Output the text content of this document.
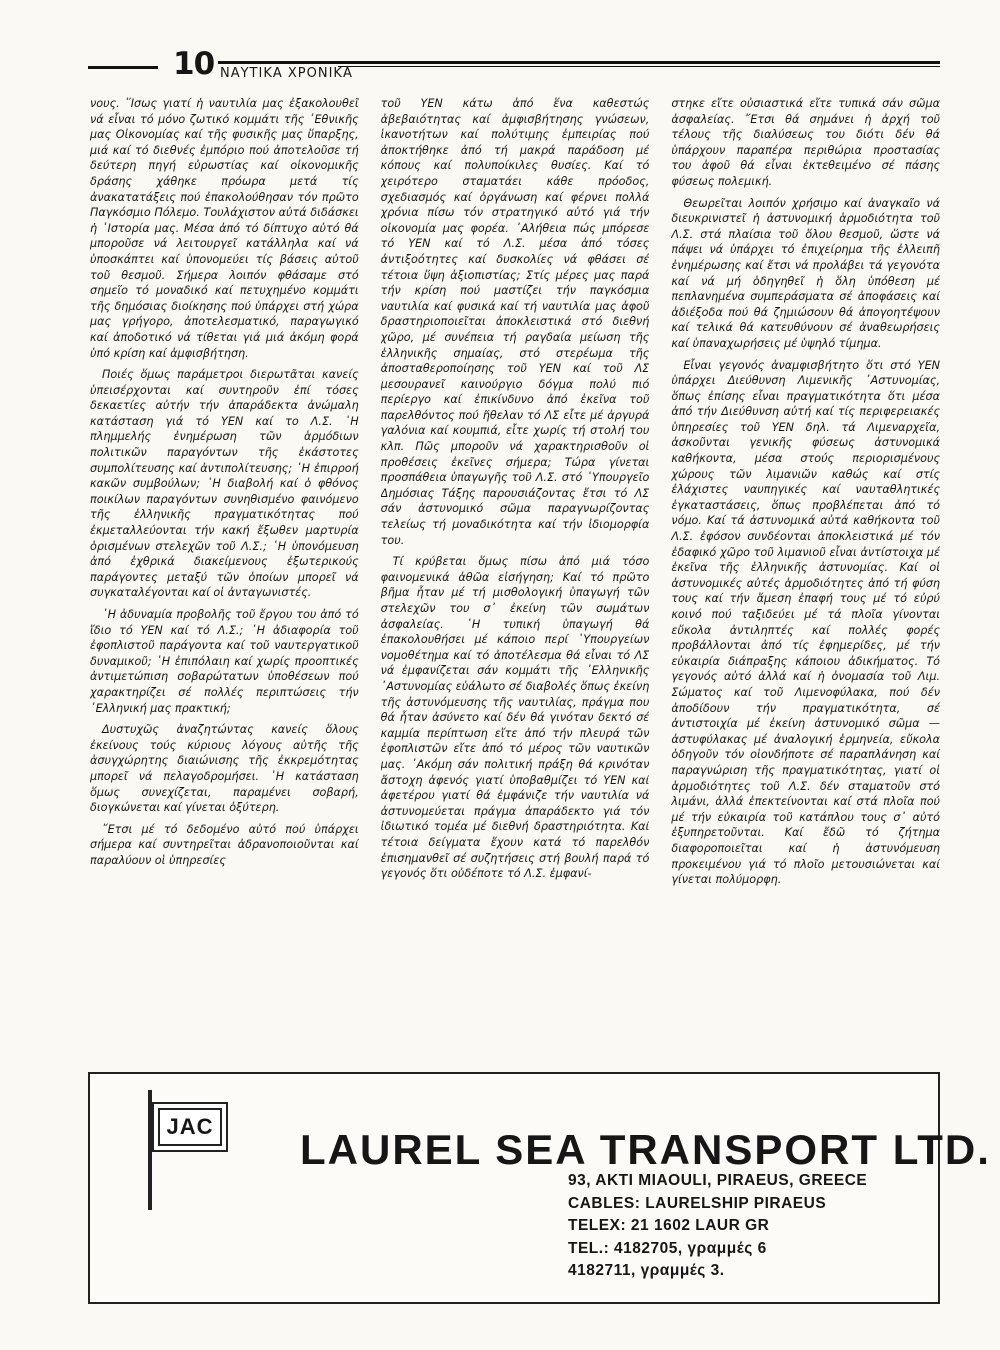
10 ΝΑΥΤΙΚΑ ΧΡΟΝΙΚΑ

νους. ῞Ισως γιατί ἡ ναυτιλία μας ἐξακολουθεῖ νά εἶναι τό μόνο ζωτικό κομμάτι τῆς ᾿Εθνικῆς μας Οἰκονομίας καί τῆς φυσικῆς μας ὕπαρξης, μιά καί τό διεθνές ἐμπόριο πού ἀποτελοῦσε τή δεύτερη πηγή εὐρωστίας καί οἰκονομικῆς δράσης χάθηκε πρόωρα μετά τίς ἀνακατατάξεις πού ἐπακολούθησαν τόν πρῶτο Παγκόσμιο Πόλεμο. Τουλάχιστον αὐτά διδάσκει ἡ ῾Ιστορία μας. Μέσα ἀπό τό δίπτυχο αὐτό θά μποροῦσε νά λειτουργεῖ κατάλληλα καί νά ὑποσκάπτει καί ὑπονομεύει τίς βάσεις αὐτοῦ τοῦ θεσμοῦ. Σήμερα λοιπόν φθάσαμε στό σημεῖο τό μοναδικό καί πετυχημένο κομμάτι τῆς δημόσιας διοίκησης πού ὑπάρχει στή χώρα μας γρήγορο, ἀποτελεσματικό, παραγωγικό καί ἀποδοτικό νά τίθεται γιά μιά ἀκόμη φορά ὑπό κρίση καί ἀμφισβήτηση.

Ποιές ὅμως παράμετροι διερωτᾶται κανείς ὑπεισέρχονται καί συντηροῦν ἐπί τόσες δεκαετίες αὐτήν τήν ἀπαράδεκτα ἀνώμαλη κατάσταση γιά τό ΥΕΝ καί το Λ.Σ. ῾Η πλημμελής ἐνημέρωση τῶν ἁρμόδιων πολιτικῶν παραγόντων τῆς ἑκάστοτες συμπολίτευσης καί ἀντιπολίτευσης; ῾Η ἐπιρροή κακῶν συμβούλων; ῾Η διαβολή καί ὁ φθόνος ποικίλων παραγόντων συνηθισμένο φαινόμενο τῆς ἑλληνικῆς πραγματικότητας πού ἐκμεταλλεύονται τήν κακή ἔξωθεν μαρτυρία ὁρισμένων στελεχῶν τοῦ Λ.Σ.; ῾Η ὑπονόμευση ἀπό ἐχθρικά διακείμενους ἐξωτερικούς παράγοντες μεταξύ τῶν ὁποίων μπορεῖ νά συγκαταλέγονται καί οἱ ἀνταγωνιστές.

῾Η ἀδυναμία προβολῆς τοῦ ἔργου του ἀπό τό ἴδιο τό ΥΕΝ καί τό Λ.Σ.; ῾Η ἀδιαφορία τοῦ ἐφοπλιστοῦ παράγοντα καί τοῦ ναυτεργατικοῦ δυναμικοῦ; ῾Η ἐπιπόλαιη καί χωρίς προοπτικές ἀντιμετώπιση σοβαρώτατων ὑποθέσεων πού χαρακτηρίζει σέ πολλές περιπτώσεις τήν ᾿Ελληνική μας πρακτική;

Δυστυχῶς ἀναζητώντας κανείς ὅλους ἐκείνους τούς κύριους λόγους αὐτῆς τῆς ἀσυγχώρητης διαιώνισης τῆς ἐκκρεμότητας μπορεῖ νά πελαγοδρομήσει. ῾Η κατάσταση ὅμως συνεχίζεται, παραμένει σοβαρή, διογκώνεται καί γίνεται ὀξύτερη.

῎Ετσι μέ τό δεδομένο αὐτό πού ὑπάρχει σήμερα καί συντηρεῖται ἀδρανοποιοῦνται καί παραλύουν οἱ ὑπηρεσίες

τοῦ ΥΕΝ κάτω ἀπό ἕνα καθεστώς ἀβεβαιότητας καί ἀμφισβήτησης γνώσεων, ἱκανοτήτων καί πολύτιμης ἐμπειρίας πού ἀποκτήθηκε ἀπό τή μακρά παράδοση μέ κόπους καί πολυποίκιλες θυσίες. Καί τό χειρότερο σταματάει κάθε πρόοδος, σχεδιασμός καί ὀργάνωση καί φέρνει πολλά χρόνια πίσω τόν στρατηγικό αὐτό γιά τήν οἰκονομία μας φορέα. ᾿Αλήθεια πώς μπόρεσε τό ΥΕΝ καί τό Λ.Σ. μέσα ἀπό τόσες ἀντιξοότητες καί δυσκολίες νά φθάσει σέ τέτοια ὕψη ἀξιοπιστίας; Στίς μέρες μας παρά τήν κρίση πού μαστίζει τήν παγκόσμια ναυτιλία καί φυσικά καί τή ναυτιλία μας ἀφοῦ δραστηριοποιεῖται ἀποκλειστικά στό διεθνή χῶρο, μέ συνέπεια τή ραγδαία μείωση τῆς ἑλληνικῆς σημαίας, στό στερέωμα τῆς ἀποσταθεροποίησης τοῦ ΥΕΝ καί τοῦ ΛΣ μεσουρανεῖ καινούργιο δόγμα πολύ πιό περίεργο καί ἐπικίνδυνο ἀπό ἐκεῖνα τοῦ παρελθόντος πού ἤθελαν τό ΛΣ εἶτε μέ ἀργυρά γαλόνια καί κουμπιά, εἶτε χωρίς τή στολή του κλπ. Πῶς μποροῦν νά χαρακτηρισθοῦν οἱ προθέσεις ἐκεῖνες σήμερα; Τώρα γίνεται προσπάθεια ὑπαγωγῆς τοῦ Λ.Σ. στό ῾Υπουργεῖο Δημόσιας Τάξης παρουσιάζοντας ἔτσι τό ΛΣ σάν ἀστυνομικό σῶμα παραγνωρίζοντας τελείως τή μοναδικότητα καί τήν ἰδιομορφία του.

Τί κρύβεται ὅμως πίσω ἀπό μιά τόσο φαινομενικά ἀθῶα εἰσήγηση; Καί τό πρῶτο βῆμα ἦταν μέ τή μισθολογική ὑπαγωγή τῶν στελεχῶν του σ᾽ ἐκείνη τῶν σωμάτων ἀσφαλείας. ῾Η τυπική ὑπαγωγή θά ἐπακολουθήσει μέ κάποιο περί ῾Υπουργείων νομοθέτημα καί τό ἀποτέλεσμα θά εἶναι τό ΛΣ νά ἐμφανίζεται σάν κομμάτι τῆς ᾿Ελληνικῆς ᾿Αστυνομίας εὐάλωτο σέ διαβολές ὅπως ἐκείνη τῆς ἀστυνόμευσης τῆς ναυτιλίας, πράγμα που θά ἦταν ἀσύνετο καί δέν θά γινόταν δεκτό σέ καμμία περίπτωση εἴτε ἀπό τήν πλευρά τῶν ἐφοπλιστῶν εἴτε ἀπό τό μέρος τῶν ναυτικῶν μας. ᾿Ακόμη σάν πολιτική πράξη θά κρινόταν ἄστοχη ἀφενός γιατί ὑποβαθμίζει τό ΥΕΝ καί ἀφετέρου γιατί θά ἐμφάνιζε τήν ναυτιλία νά ἀστυνομεύεται πράγμα ἀπαράδεκτο γιά τόν ἰδιωτικό τομέα μέ διεθνή δραστηριότητα. Καί τέτοια δείγματα ἔχουν κατά τό παρελθόν ἐπισημανθεῖ σέ συζητήσεις στή βουλή παρά τό γεγονός ὅτι οὐδέποτε τό Λ.Σ. ἐμφανί-

στηκε εἴτε οὐσιαστικά εἴτε τυπικά σάν σῶμα ἀσφαλείας. ῎Ετσι θά σημάνει ἡ ἀρχή τοῦ τέλους τῆς διαλύσεως του διότι δέν θά ὑπάρχουν παραπέρα περιθώρια προστασίας του ἀφοῦ θά εἶναι ἐκτεθειμένο σέ πάσης φύσεως πολεμική.

Θεωρεῖται λοιπόν χρήσιμο καί ἀναγκαῖο νά διευκρινιστεῖ ἡ ἀστυνομική ἁρμοδιότητα τοῦ Λ.Σ. στά πλαίσια τοῦ ὅλου θεσμοῦ, ὥστε νά πάψει νά ὑπάρχει τό ἐπιχείρημα τῆς ἐλλειπῆ ἐνημέρωσης καί ἔτσι νά προλάβει τά γεγονότα καί νά μή ὁδηγηθεῖ ἡ ὅλη ὑπόθεση μέ πεπλανημένα συμπεράσματα σέ ἀποφάσεις καί ἀδιέξοδα πού θά ζημιώσουν θά ἀπογοητέψουν καί τελικά θά κατευθύνουν σέ ἀναθεωρήσεις καί ὑπαναχωρήσεις μέ ὑψηλό τίμημα.

Εἶναι γεγονός ἀναμφισβήτητο ὅτι στό ΥΕΝ ὑπάρχει Διεύθυνση Λιμενικῆς ᾿Αστυνομίας, ὅπως ἐπίσης εἶναι πραγματικότητα ὅτι μέσα ἀπό τήν Διεύθυνση αὐτή καί τίς περιφερειακές ὑπηρεσίες τοῦ ΥΕΝ δηλ. τά Λιμεναρχεῖα, ἀσκοῦνται γενικῆς φύσεως ἀστυνομικά καθήκοντα, μέσα στούς περιορισμένους χώρους τῶν λιμανιῶν καθώς καί στίς ἐλάχιστες ναυπηγικές καί ναυταθλητικές ἐγκαταστάσεις, ὅπως προβλέπεται ἀπό τό νόμο. Καί τά ἀστυνομικά αὐτά καθήκοντα τοῦ Λ.Σ. ἐφόσον συνδέονται ἀποκλειστικά μέ τόν ἐδαφικό χῶρο τοῦ λιμανιοῦ εἶναι ἀντίστοιχα μέ ἐκεῖνα τῆς ἑλληνικῆς ἀστυνομίας. Καί οἱ ἀστυνομικές αὐτές ἁρμοδιότητες ἀπό τή φύση τους καί τήν ἄμεση ἐπαφή τους μέ τό εὐρύ κοινό πού ταξιδεύει μέ τά πλοῖα γίνονται εὔκολα ἀντιληπτές καί πολλές φορές προβάλλονται ἀπό τίς ἐφημερίδες, μέ τήν εὐκαιρία διάπραξης κάποιου ἀδικήματος. Τό γεγονός αὐτό ἀλλά καί ἡ ὀνομασία τοῦ Λιμ. Σώματος καί τοῦ Λιμενοφύλακα, πού δέν ἀποδίδουν τήν πραγματικότητα, σέ ἀντιστοιχία μέ ἐκείνη ἀστυνομικό σῶμα — ἀστυφύλακας μέ ἀναλογική ἑρμηνεία, εὔκολα ὁδηγοῦν τόν οἱονδήποτε σέ παραπλάνηση καί παραγνώριση τῆς πραγματικότητας, γιατί οἱ ἁρμοδιότητες τοῦ Λ.Σ. δέν σταματοῦν στό λιμάνι, ἀλλά ἐπεκτείνονται καί στά πλοῖα πού μέ τήν εὐκαιρία τοῦ κατάπλου τους σ᾽ αὐτό ἐξυπηρετοῦνται. Καί ἔδῶ τό ζήτημα διαφοροποιεῖται καί ἡ ἀστυνόμευση προκειμένου γιά τό πλοῖο μετουσιώνεται καί γίνεται πολύμορφη.

JAC LAUREL SEA TRANSPORT LTD.
93, AKTI MIAOULI, PIRAEUS, GREECE
CABLES: LAURELSHIP PIRAEUS
TELEX: 21 1602 LAUR GR
TEL.: 4182705, γραμμές 6
4182711, γραμμές 3.
